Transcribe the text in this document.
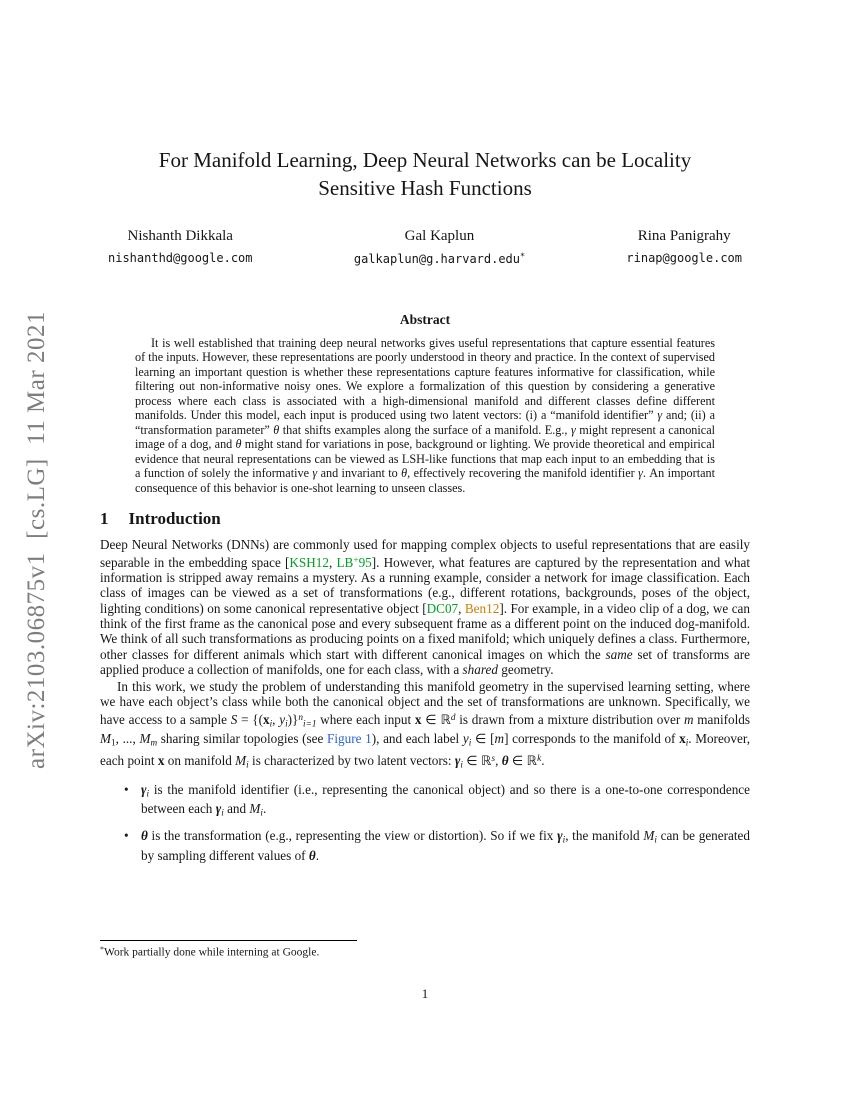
arXiv:2103.06875v1  [cs.LG]  11 Mar 2021
For Manifold Learning, Deep Neural Networks can be Locality
Sensitive Hash Functions
Nishanth Dikkala
nishanthd@google.com
Gal Kaplun
galkaplun@g.harvard.edu*
Rina Panigrahy
rinap@google.com
Abstract
It is well established that training deep neural networks gives useful representations that capture essential features of the inputs. However, these representations are poorly understood in theory and practice. In the context of supervised learning an important question is whether these representations capture features informative for classification, while filtering out non-informative noisy ones. We explore a formalization of this question by considering a generative process where each class is associated with a high-dimensional manifold and different classes define different manifolds. Under this model, each input is produced using two latent vectors: (i) a “manifold identifier” γ and; (ii) a “transformation parameter” θ that shifts examples along the surface of a manifold. E.g., γ might represent a canonical image of a dog, and θ might stand for variations in pose, background or lighting. We provide theoretical and empirical evidence that neural representations can be viewed as LSH-like functions that map each input to an embedding that is a function of solely the informative γ and invariant to θ, effectively recovering the manifold identifier γ. An important consequence of this behavior is one-shot learning to unseen classes.
1 Introduction
Deep Neural Networks (DNNs) are commonly used for mapping complex objects to useful representations that are easily separable in the embedding space [KSH12, LB+95]. However, what features are captured by the representation and what information is stripped away remains a mystery. As a running example, consider a network for image classification. Each class of images can be viewed as a set of transformations (e.g., different rotations, backgrounds, poses of the object, lighting conditions) on some canonical representative object [DC07, Ben12]. For example, in a video clip of a dog, we can think of the first frame as the canonical pose and every subsequent frame as a different point on the induced dog-manifold. We think of all such transformations as producing points on a fixed manifold; which uniquely defines a class. Furthermore, other classes for different animals which start with different canonical images on which the same set of transforms are applied produce a collection of manifolds, one for each class, with a shared geometry.
In this work, we study the problem of understanding this manifold geometry in the supervised learning setting, where we have each object’s class while both the canonical object and the set of transformations are unknown. Specifically, we have access to a sample $S = \{(x_i$, $y_i)\}^n_{i=1}$ where each input x ∈ ℝ$^d$ is drawn from a mixture distribution over m manifolds $M_1$, ..., $M_m$ sharing similar topologies (see Figure 1), and each label $y_i$ ∈ [m] corresponds to the manifold of $x_i$. Moreover, each point x on manifold $M_i$ is characterized by two latent vectors: $\gamma_i$ ∈ ℝ$^s$, θ ∈ ℝ$^k$.
• $\gamma_i$ is the manifold identifier (i.e., representing the canonical object) and so there is a one-to-one correspondence between each $\gamma_i$ and $M_i$.
• θ is the transformation (e.g., representing the view or distortion). So if we fix $\gamma_i$, the manifold $M_i$ can be generated by sampling different values of θ.
*Work partially done while interning at Google.
1
